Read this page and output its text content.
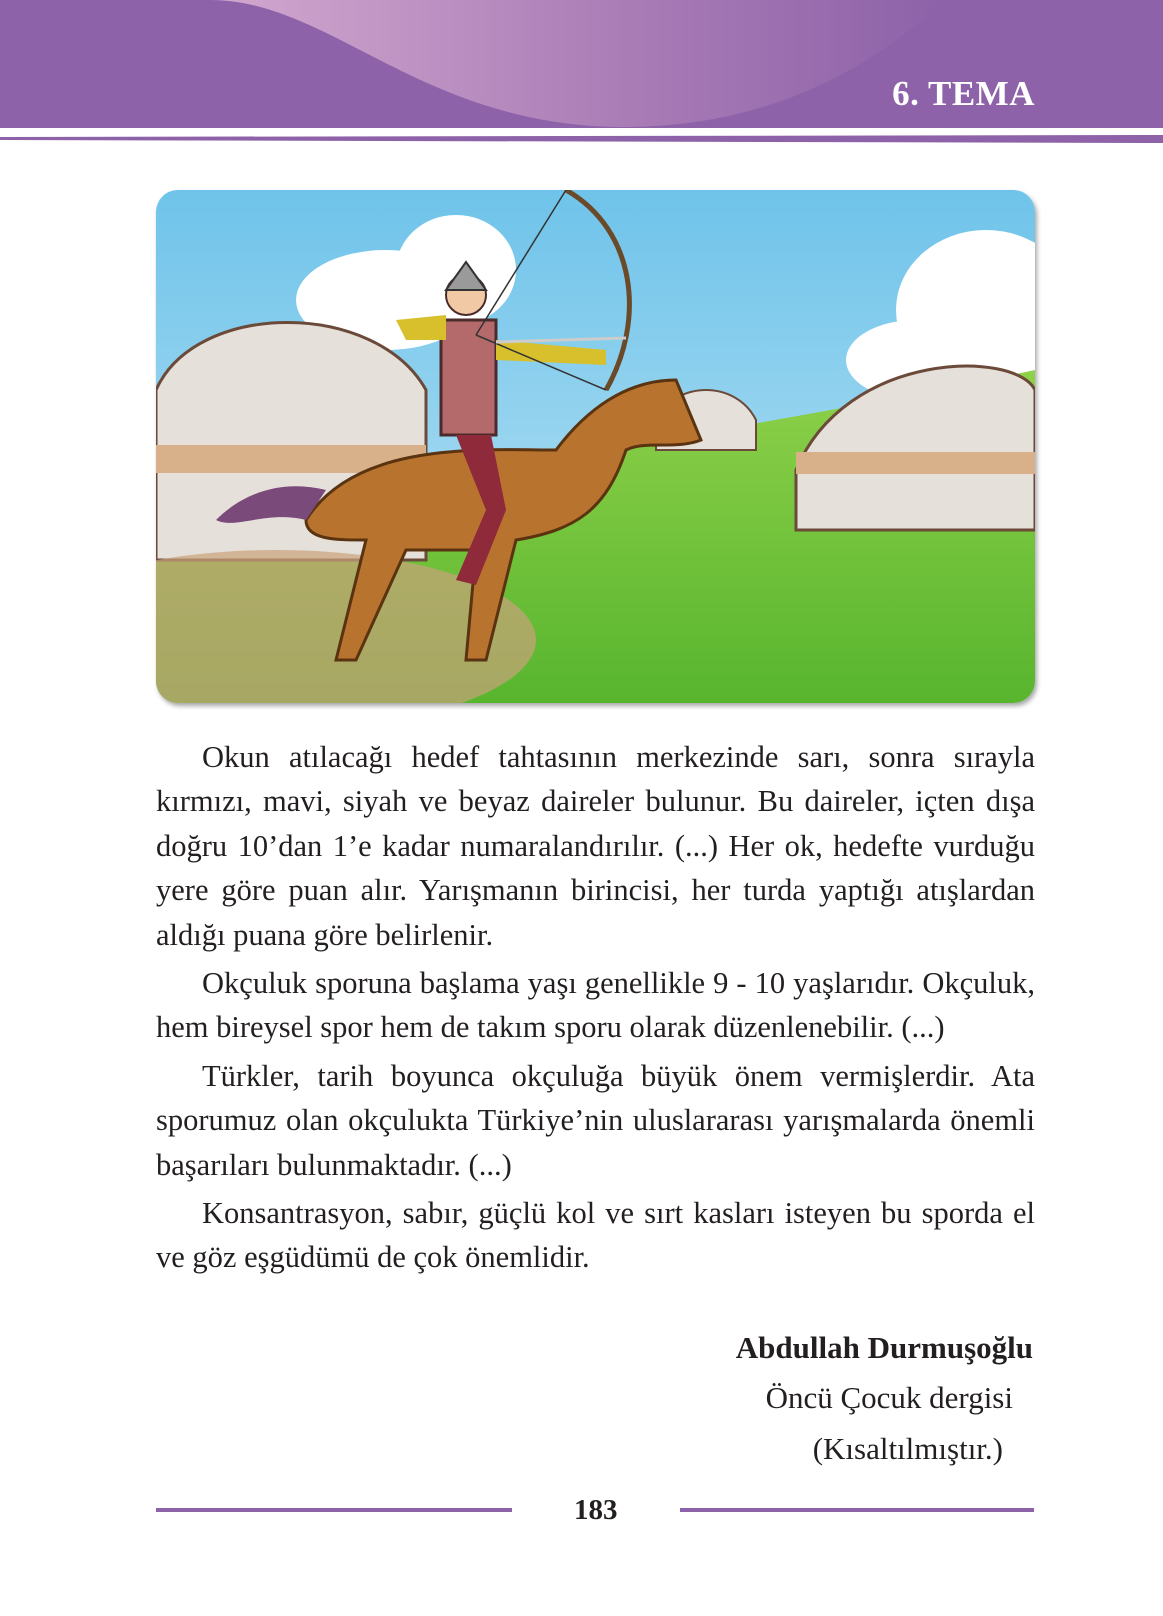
6. TEMA

Okun atılacağı hedef tahtasının merkezinde sarı, sonra sırayla kırmızı, mavi, siyah ve beyaz daireler bulunur. Bu daireler, içten dışa doğru 10’dan 1’e kadar numaralandırılır. (...) Her ok, hedefte vurduğu yere göre puan alır. Yarışmanın birincisi, her turda yaptığı atışlardan aldığı puana göre belirlenir.

Okçuluk sporuna başlama yaşı genellikle 9 - 10 yaşlarıdır. Okçuluk, hem bireysel spor hem de takım sporu olarak düzenlenebilir. (...)

Türkler, tarih boyunca okçuluğa büyük önem vermişlerdir. Ata sporumuz olan okçulukta Türkiye’nin uluslararası yarışmalarda önemli başarıları bulunmaktadır. (...)

Konsantrasyon, sabır, güçlü kol ve sırt kasları isteyen bu sporda el ve göz eşgüdümü de çok önemlidir.

Abdullah Durmuşoğlu
Öncü Çocuk dergisi
(Kısaltılmıştır.)
183
